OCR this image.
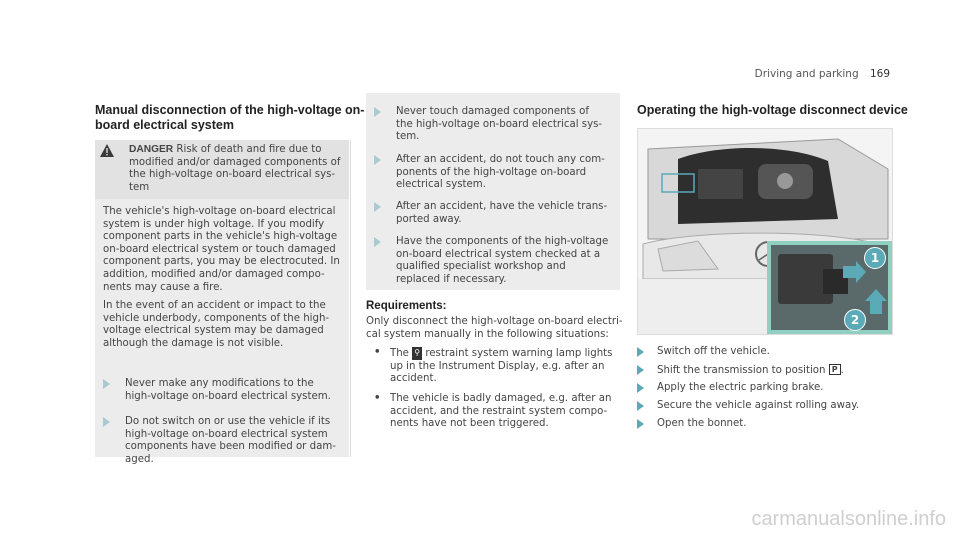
Driving and parking 169
Manual disconnection of the high-voltage on-
board electrical system
DANGER Risk of death and fire due to
modified and/or damaged components of
the high-voltage on-board electrical sys-
tem
The vehicle's high-voltage on-board electrical
system is under high voltage. If you modify
component parts in the vehicle's high-voltage
on-board electrical system or touch damaged
component parts, you may be electrocuted. In
addition, modified and/or damaged compo-
nents may cause a fire.
In the event of an accident or impact to the
vehicle underbody, components of the high-
voltage electrical system may be damaged
although the damage is not visible.
Never make any modifications to the
high-voltage on-board electrical system.
Do not switch on or use the vehicle if its
high-voltage on-board electrical system
components have been modified or dam-
aged.
Never touch damaged components of
the high-voltage on-board electrical sys-
tem.
After an accident, do not touch any com-
ponents of the high-voltage on-board
electrical system.
After an accident, have the vehicle trans-
ported away.
Have the components of the high-voltage
on-board electrical system checked at a
qualified specialist workshop and
replaced if necessary.
Requirements:
Only disconnect the high-voltage on-board electri-
cal system manually in the following situations:
• The ⚲ restraint system warning lamp lights
up in the Instrument Display, e.g. after an
accident.
• The vehicle is badly damaged, e.g. after an
accident, and the restraint system compo-
nents have not been triggered.
Operating the high-voltage disconnect device
1
2
Switch off the vehicle.
Shift the transmission to position P .
Apply the electric parking brake.
Secure the vehicle against rolling away.
Open the bonnet.
carmanualsonline.info
